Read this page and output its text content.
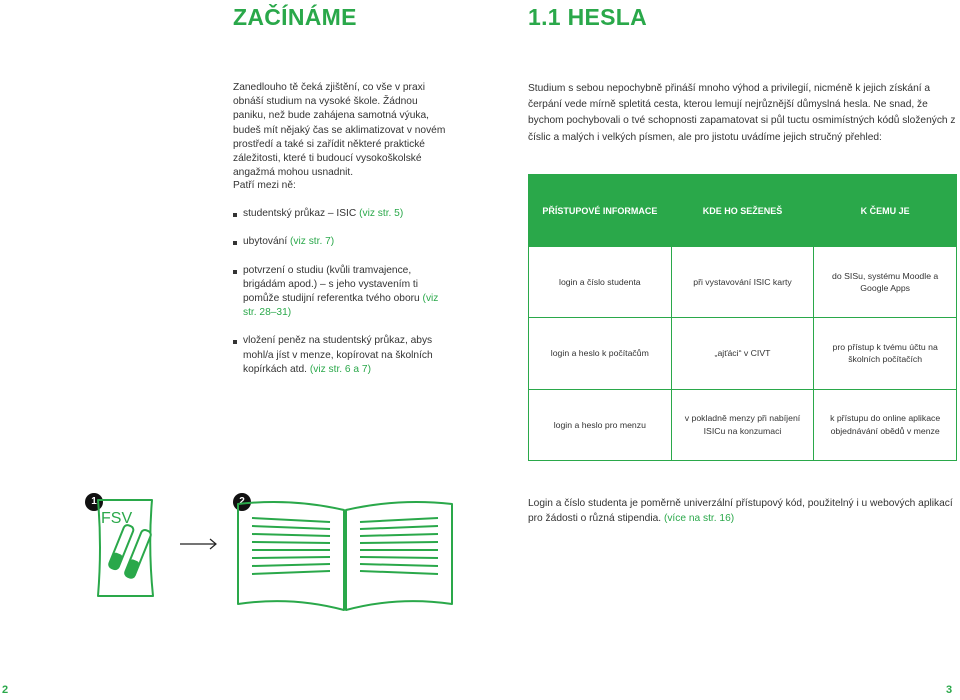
ZAČÍNÁME	1.1 HESLA

Zanedlouho tě čeká zjištění, co vše v praxi obnáší studium na vysoké škole. Žádnou paniku, než bude zahájena samotná výuka, budeš mít nějaký čas se aklimatizovat v novém prostředí a také si zařídit některé praktické záležitosti, které ti budoucí vysokoškolské angažmá mohou usnadnit.

Patří mezi ně:

studentský průkaz – ISIC (viz str. 5)
ubytování (viz str. 7)
potvrzení o studiu (kvůli tramvajence, brigádám apod.) – s jeho vystavením ti pomůže studijní referentka tvého oboru (viz str. 28–31)
vložení peněz na studentský průkaz, abys mohl/a jíst v menze, kopírovat na školních kopírkách atd. (viz str. 6 a 7)

Studium s sebou nepochybně přináší mnoho výhod a privilegií, nicméně k jejich získání a čerpání vede mírně spletitá cesta, kterou lemují nejrůznější důmyslná hesla. Ne snad, že bychom pochybovali o tvé schopnosti zapamatovat si půl tuctu osmimístných kódů složených z číslic a malých i velkých písmen, ale pro jistotu uvádíme jejich stručný přehled:

PŘÍSTUPOVÉ INFORMACE	KDE HO SEŽENEŠ	K ČEMU JE
login a číslo studenta	při vystavování ISIC karty	do SISu, systému Moodle a Google Apps
login a heslo k počítačům	„ajťáci“ v CIVT	pro přístup k tvému účtu na školních počítačích
login a heslo pro menzu	v pokladně menzy při nabíjení ISICu na konzumaci	k přístupu do online aplikace objednávání obědů v menze
1
FSV
2	Login a číslo studenta je poměrně univerzální přístupový kód, použitelný i u webových aplikací pro žádosti o různá stipendia. (více na str. 16)

2	3
